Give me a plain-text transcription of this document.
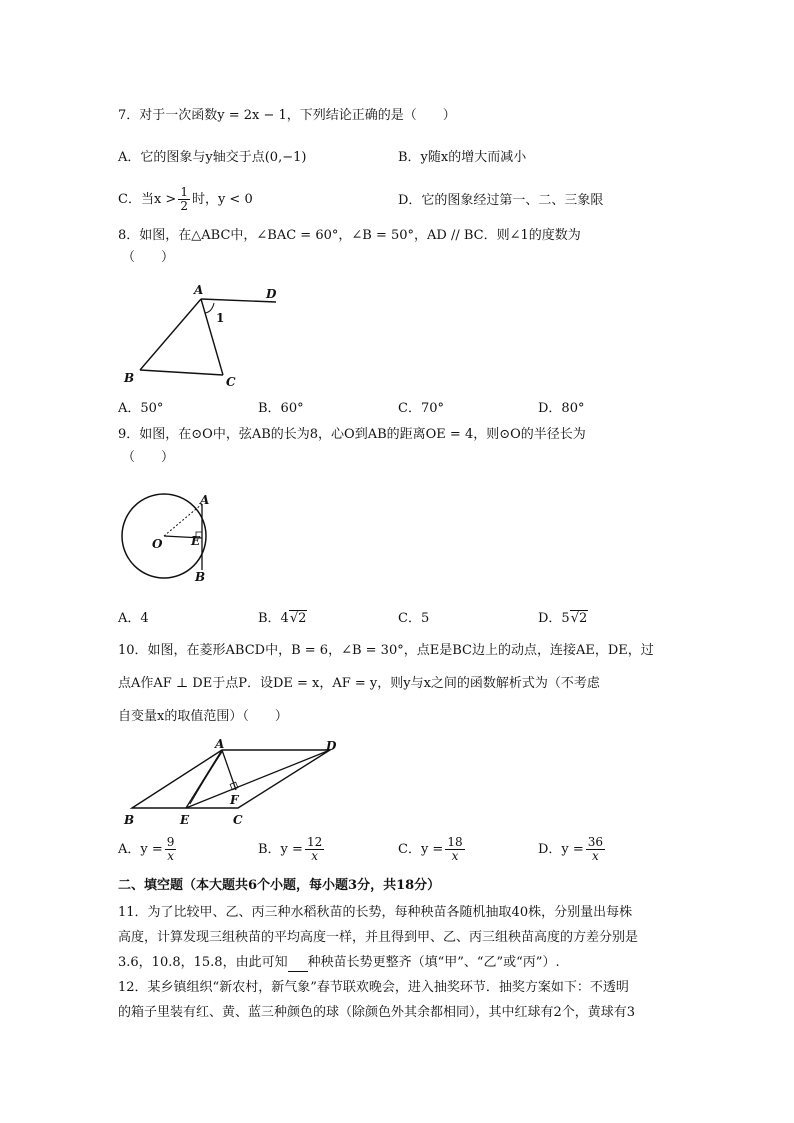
7．对于一次函数y = 2x − 1，下列结论正确的是（　　）
A．它的图象与y轴交于点(0,−1)	B．y随x的增大而减小
C．当$x > \frac{1}{2}$ 时，y < 0	D．它的图象经过第一、二、三象限
8．如图，在△ABC中，∠BAC = 60°，∠B = 50°，AD // BC．则∠1的度数为
（　　）
A
B	C
D
1
A．50°	B．60°	C．70°	D．80°
9．如图，在⊙O中，弦AB的长为8，心O到AB的距离OE = 4，则⊙O的半径长为
（　　）
A
B
O E
A．4	B．4√2	C．5	D．5√2
10．如图，在菱形ABCD中，B = 6，∠B = 30°，点E是BC边上的动点，连接AE，DE，过
点A作AF ⊥ DE于点P．设DE = x，AF = y，则y与x之间的函数解析式为（不考虑
自变量x的取值范围）（　　）
A
B	C
D
E
F
A．$y = \frac{9}{x}$	B．$y = \frac{12}{x}$	C．$y = \frac{18}{x}$	D．$y = \frac{36}{x}$
二、填空题（本大题共6个小题，每小题3分，共18分）
11．为了比较甲、乙、丙三种水稻秋苗的长势，每种秧苗各随机抽取40株，分别量出每株
高度，计算发现三组秧苗的平均高度一样，并且得到甲、乙、丙三组秧苗高度的方差分别是
3.6，10.8，15.8，由此可知 种秧苗长势更整齐（填“甲”、“乙”或“丙”）.
12．某乡镇组织“新农村，新气象”春节联欢晚会，进入抽奖环节．抽奖方案如下：不透明
的箱子里装有红、黄、蓝三种颜色的球（除颜色外其余都相同），其中红球有2个，黄球有3
